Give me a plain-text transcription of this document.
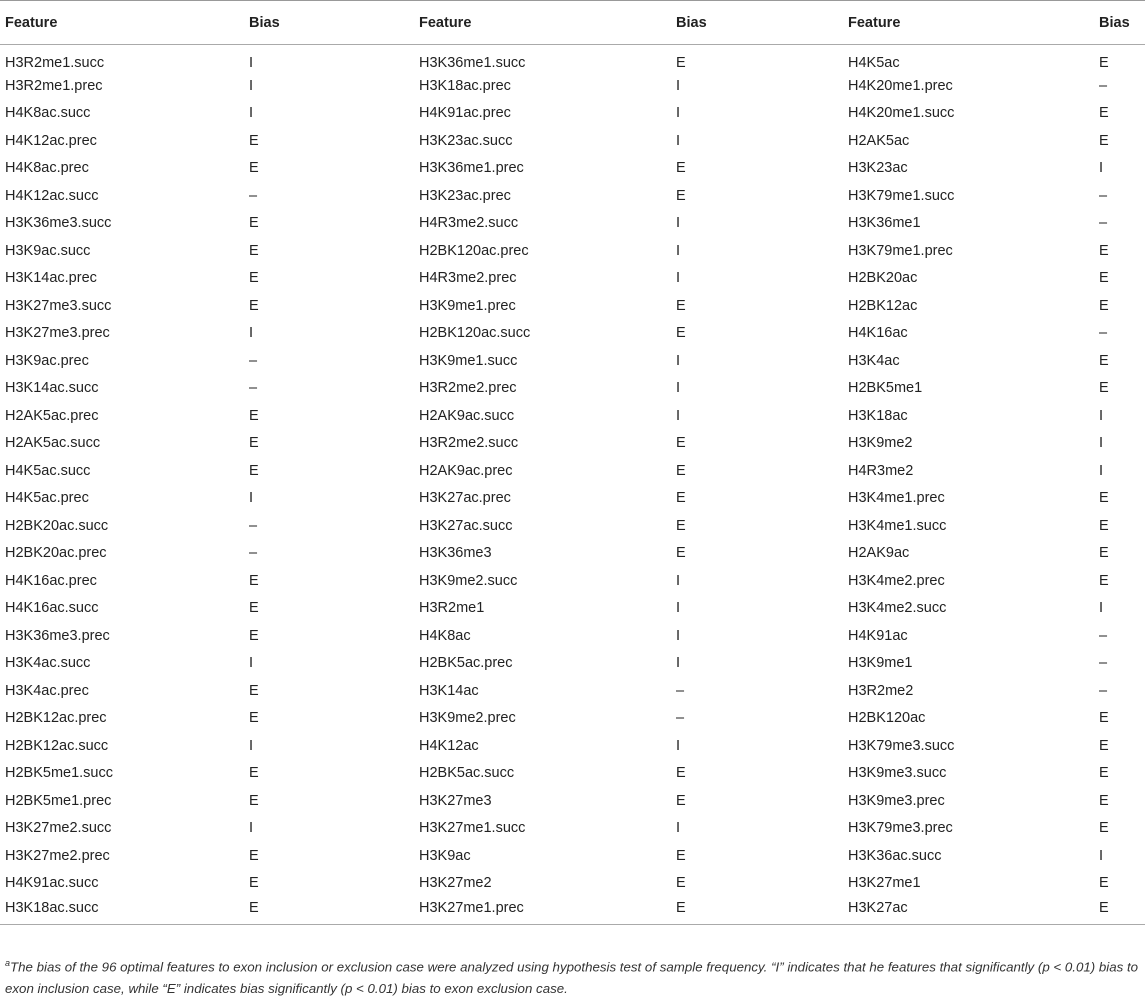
Feature	Bias	Feature	Bias	Feature	Bias
H3R2me1.succ	I	H3K36me1.succ	E	H4K5ac	E
H3R2me1.prec	I	H3K18ac.prec	I	H4K20me1.prec	–
H4K8ac.succ	I	H4K91ac.prec	I	H4K20me1.succ	E
H4K12ac.prec	E	H3K23ac.succ	I	H2AK5ac	E
H4K8ac.prec	E	H3K36me1.prec	E	H3K23ac	I
H4K12ac.succ	–	H3K23ac.prec	E	H3K79me1.succ	–
H3K36me3.succ	E	H4R3me2.succ	I	H3K36me1	–
H3K9ac.succ	E	H2BK120ac.prec	I	H3K79me1.prec	E
H3K14ac.prec	E	H4R3me2.prec	I	H2BK20ac	E
H3K27me3.succ	E	H3K9me1.prec	E	H2BK12ac	E
H3K27me3.prec	I	H2BK120ac.succ	E	H4K16ac	–
H3K9ac.prec	–	H3K9me1.succ	I	H3K4ac	E
H3K14ac.succ	–	H3R2me2.prec	I	H2BK5me1	E
H2AK5ac.prec	E	H2AK9ac.succ	I	H3K18ac	I
H2AK5ac.succ	E	H3R2me2.succ	E	H3K9me2	I
H4K5ac.succ	E	H2AK9ac.prec	E	H4R3me2	I
H4K5ac.prec	I	H3K27ac.prec	E	H3K4me1.prec	E
H2BK20ac.succ	–	H3K27ac.succ	E	H3K4me1.succ	E
H2BK20ac.prec	–	H3K36me3	E	H2AK9ac	E
H4K16ac.prec	E	H3K9me2.succ	I	H3K4me2.prec	E
H4K16ac.succ	E	H3R2me1	I	H3K4me2.succ	I
H3K36me3.prec	E	H4K8ac	I	H4K91ac	–
H3K4ac.succ	I	H2BK5ac.prec	I	H3K9me1	–
H3K4ac.prec	E	H3K14ac	–	H3R2me2	–
H2BK12ac.prec	E	H3K9me2.prec	–	H2BK120ac	E
H2BK12ac.succ	I	H4K12ac	I	H3K79me3.succ	E
H2BK5me1.succ	E	H2BK5ac.succ	E	H3K9me3.succ	E
H2BK5me1.prec	E	H3K27me3	E	H3K9me3.prec	E
H3K27me2.succ	I	H3K27me1.succ	I	H3K79me3.prec	E
H3K27me2.prec	E	H3K9ac	E	H3K36ac.succ	I
H4K91ac.succ	E	H3K27me2	E	H3K27me1	E
H3K18ac.succ	E	H3K27me1.prec	E	H3K27ac	E
$^a$The bias of the 96 optimal features to exon inclusion or exclusion case were analyzed using hypothesis test of sample frequency. “I” indicates that he features that significantly (p < 0.01) bias to exon inclusion case, while “E” indicates bias significantly (p < 0.01) bias to exon exclusion case.
